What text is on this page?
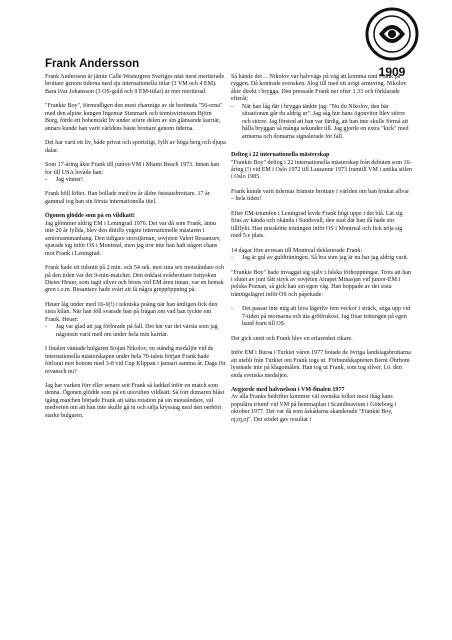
Frank Andersson
1909

Frank Andersson är jämte Calle Westergren Sveriges näst mest meriterade brottare genom tiderna med sju internationella titlar (3 VM och 4 EM). Bara Ivar Johansson (3 OS-guld och 9 EM-titlar) är mer meriterad.

"Frankie Boy", förmodligen den mest charmige av de berömda "56-orna" med den alpine kungen Ingemar Stenmark och tennisvirtuosen Björn Borg, förde ett bohemiskt liv under större delen av sin glänsande karriär, annars kunde han varit världens bäste brottare genom tiderna.

Det har varit ett liv, både privat och sportsligt, fyllt av höga berg och djupa dalar.

Som 17-åring åkte Frank till junior-VM i Miami Beach 1973. Innan han for till USA lovade han:

- Jag vinner!

Frank höll löftet. Han bollade med tre år äldre öststatsbrottare. 17 år gammal tog han sin första internationella titel.

Ögonen glödde som på en vildkatt!

Jag glömmer aldrig EM i Leningrad 1976. Det var då som Frank, ännu inte 20 år fyllda, blev den dittills yngste internationelle mästaren i seniorsammanhang. Den tidigare storstjärnan, sovjeten Valeri Resantsev, sparade sig inför OS i Montreal, men jag tror inte han haft någon chans mot Frank i Leningrad.

Frank hade ett tidsnitt på 2 min. och 54 sek. mot sina sex motståndare och på den tiden var det 9-min-matcher. Den enklast svårbrottare östtysken Dieter Heuer, som tagit silver och brons vid EM åren innan, var en hemsk gren t.o.m. Resantsev hade svårt att få några greppöppning på.

Heuer låg under med 16-0(!) i tekniska poäng när han äntligen fick den sista kilan. När han föll svarade han på frågan om vad han tyckte om Frank. Heuer:

- Jag var glad att jag förlorade på fall. Det här var det värsta som jag någonsin varit med om under hela min karriär.

I finalen väntade bulgaren Stojan Nikolov, en ständig medaljör vid de internationella mästerskapen under hela 70-talets början Frank hade förlorat mot honom med 3-8 vid Cup Klippan i januari samma år. Dags för revansch nu?

Jag har varken förr eller senare sett Frank så laddad inför en match som denna. Ögonen glödde som på en utsvulten vildkatt. Så fort domaren blåst igång matchen började Frank att sätta rotation på sin motståndare, väl medveten om att han inte skulle gå in och sälja krysstag med den oerhört starke bulgaren.

Så hände det… Nikolov var halvvägs på väg att komma runt Frank på ryggen. Då kontrade svensken. Slog till med ett avigt armsving. Nikolov åkte direkt i brygga. Den pressade Frank ner efter 1.33 och förklarade efteråt:

- När han låg där i brygga tänkte jag: "Nu du Nikolov, den här situationen går du aldrig ur". Jag såg hur hans ögonvitor blev större och större. Jag förstod att han var färdig, att han inte skulle förmå att hålla bryggan så många sekunder till. Jag gjorde en extra "kick" med armarna och domarna signalerade för fall.

Deltog i 22 internationella mästerskap

"Frankie Boy" deltog i 22 internationella mästerskap från debuten som 16-åring (!) vid EM i Oslo 1972 till Lausanne 1973 framtill VM i antika stilen i Oslo 1985.

Frank kunde varit tidernas främste brottare i världen om han brukat allvar – hela tiden!

Efter EM-triumfen i Leningrad levde Frank högt uppe i det blå. Lät sig firas av kända och okända i Sundsvall, den stad där han då hade sin tillflykt. Han misskötte träningen inför OS i Montreal och fick nöja sig med 5:e plats.

14 dagar före avresan till Montreal deklarerade Frank:

- Jag är gul av guldträningen. Så bra som jag är nu har jag aldrig varit.

"Frankie Boy" hade invaggat sig själv i falska förhoppningar. Trots att han i slutet av juni fått stryk av sovjeten Airapet Minasjan vid junior-EM i polska Poznan, så gick han sin egen väg. Han hoppade av det sista träningslägret inför OS och påpekade:

- Det passar inte mig att leva lägerliv fem veckor i sträck, stiga upp vid 7-tiden på mornarna och äta grötfrukost. Jag fixar träningen på egen hand fram till OS.

Det gick snett och Frank blev en erfarenhet rikare.

Inför EM i Bursa i Turkiet våren 1977 hotade de övriga landslagsbrottarna att utebli från Turkiet om Frank togs ut. Förbundskaptenen Bernt Öhrbom lyssnade inte på klagomålen. Han tog ut Frank, som tog silver, f.ö. den enda svenska medaljen.

Avgjorde med halvnelson i VM-finalen 1977

Av alla Franks bedrifter kommer väl svenska folket mest ihåg hans populära triumf vid VM på hemmaplan i Scandinavium i Göteborg i oktober 1977. Det var då som åskådarna skanderade "Frankie Boy, oj,oj,oj". Det stödet gav resultat i
